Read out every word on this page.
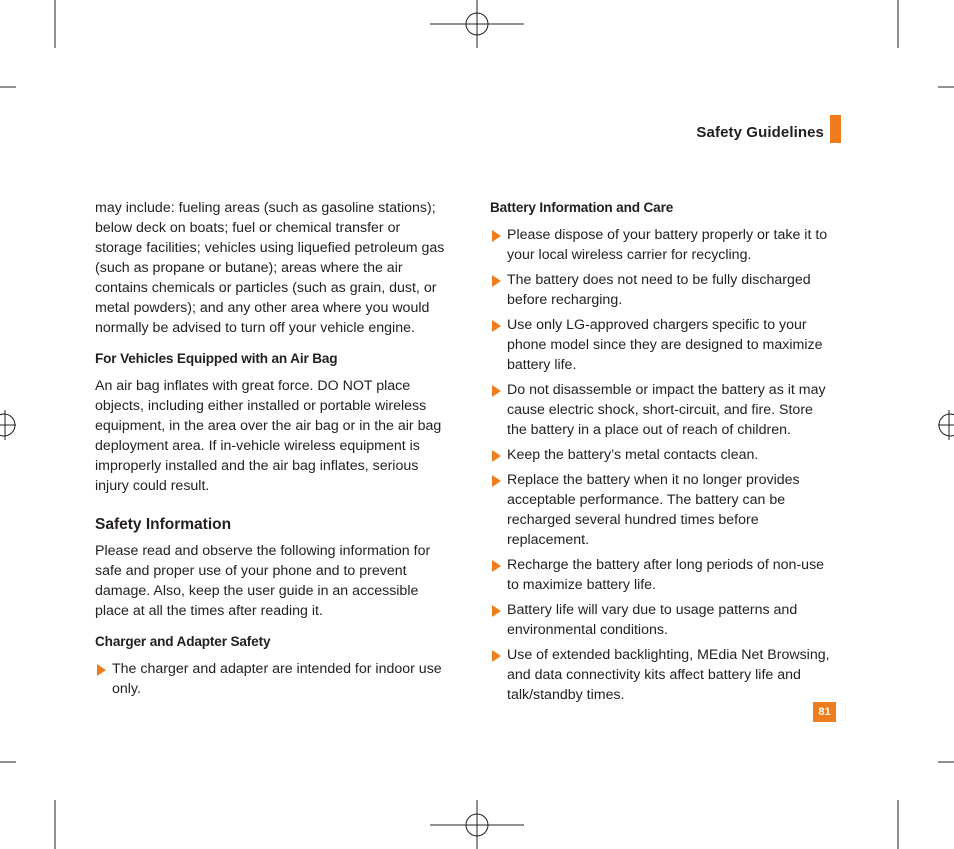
Safety Guidelines

may include: fueling areas (such as gasoline stations); below deck on boats; fuel or chemical transfer or storage facilities; vehicles using liquefied petroleum gas (such as propane or butane); areas where the air contains chemicals or particles (such as grain, dust, or metal powders); and any other area where you would normally be advised to turn off your vehicle engine.

For Vehicles Equipped with an Air Bag

An air bag inflates with great force. DO NOT place objects, including either installed or portable wireless equipment, in the area over the air bag or in the air bag deployment area. If in-vehicle wireless equipment is improperly installed and the air bag inflates, serious injury could result.

Safety Information

Please read and observe the following information for safe and proper use of your phone and to prevent damage. Also, keep the user guide in an accessible place at all the times after reading it.

Charger and Adapter Safety
The charger and adapter are intended for indoor use only.
Battery Information and Care
Please dispose of your battery properly or take it to your local wireless carrier for recycling.
The battery does not need to be fully discharged before recharging.
Use only LG-approved chargers specific to your phone model since they are designed to maximize battery life.
Do not disassemble or impact the battery as it may cause electric shock, short-circuit, and fire. Store the battery in a place out of reach of children.
Keep the battery’s metal contacts clean.
Replace the battery when it no longer provides acceptable performance. The battery can be recharged several hundred times before replacement.
Recharge the battery after long periods of non-use to maximize battery life.
Battery life will vary due to usage patterns and environmental conditions.
Use of extended backlighting, MEdia Net Browsing, and data connectivity kits affect battery life and talk/standby times.
81
